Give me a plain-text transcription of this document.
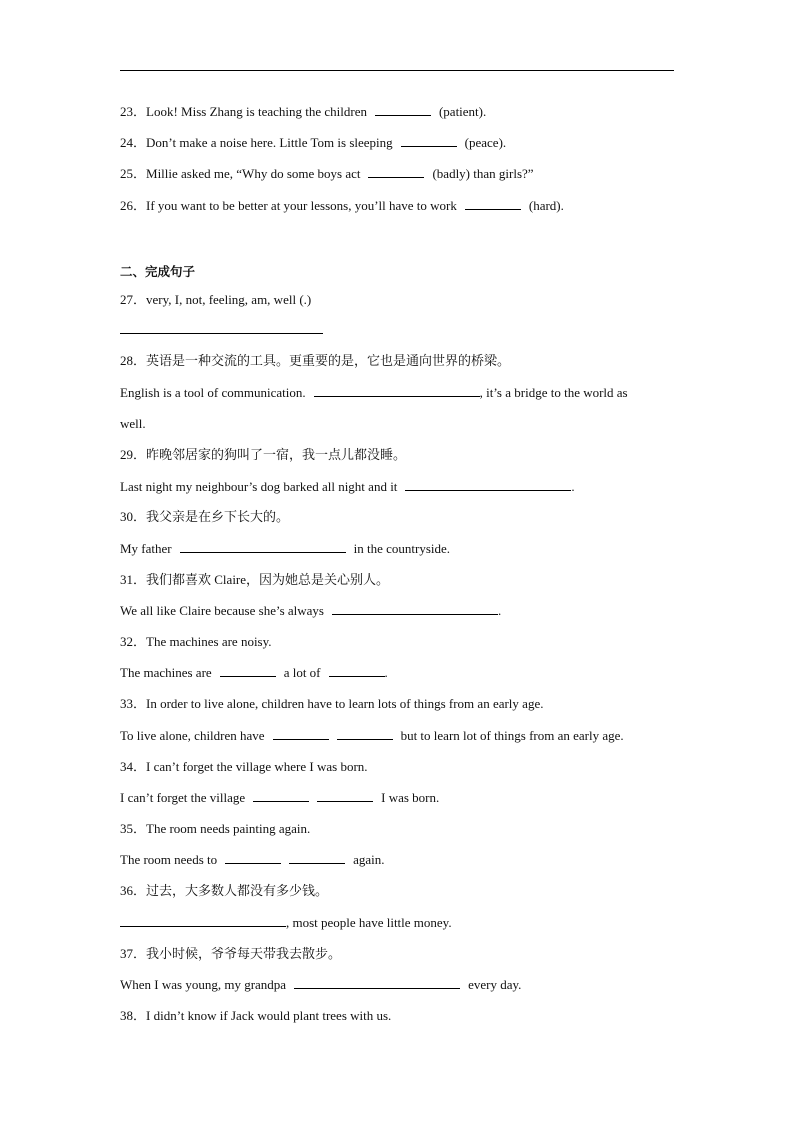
23．Look! Miss Zhang is teaching the children	(patient).
24．Don’t make a noise here. Little Tom is sleeping	(peace).
25．Millie asked me, “Why do some boys act	(badly) than girls?”
26．If you want to be better at your lessons, you’ll have to work	(hard).
二、完成句子
27．very, I, not, feeling, am, well (.)
28．英语是一种交流的工具。更重要的是，它也是通向世界的桥梁。
English is a tool of communication.	, it’s a bridge to the world as
well.
29．昨晚邻居家的狗叫了一宿，我一点儿都没睡。
Last night my neighbour’s dog barked all night and it	.
30．我父亲是在乡下长大的。
My father	in the countryside.
31．我们都喜欢 Claire，因为她总是关心别人。
We all like Claire because she’s always	.
32．The machines are noisy.
The machines are	a lot of	.
33．In order to live alone, children have to learn lots of things from an early age.
To live alone, children have	but to learn lot of things from an early age.
34．I can’t forget the village where I was born.
I can’t forget the village	I was born.
35．The room needs painting again.
The room needs to	again.
36．过去，大多数人都没有多少钱。
, most people have little money.
37．我小时候，爷爷每天带我去散步。
When I was young, my grandpa	every day.
38．I didn’t know if Jack would plant trees with us.
